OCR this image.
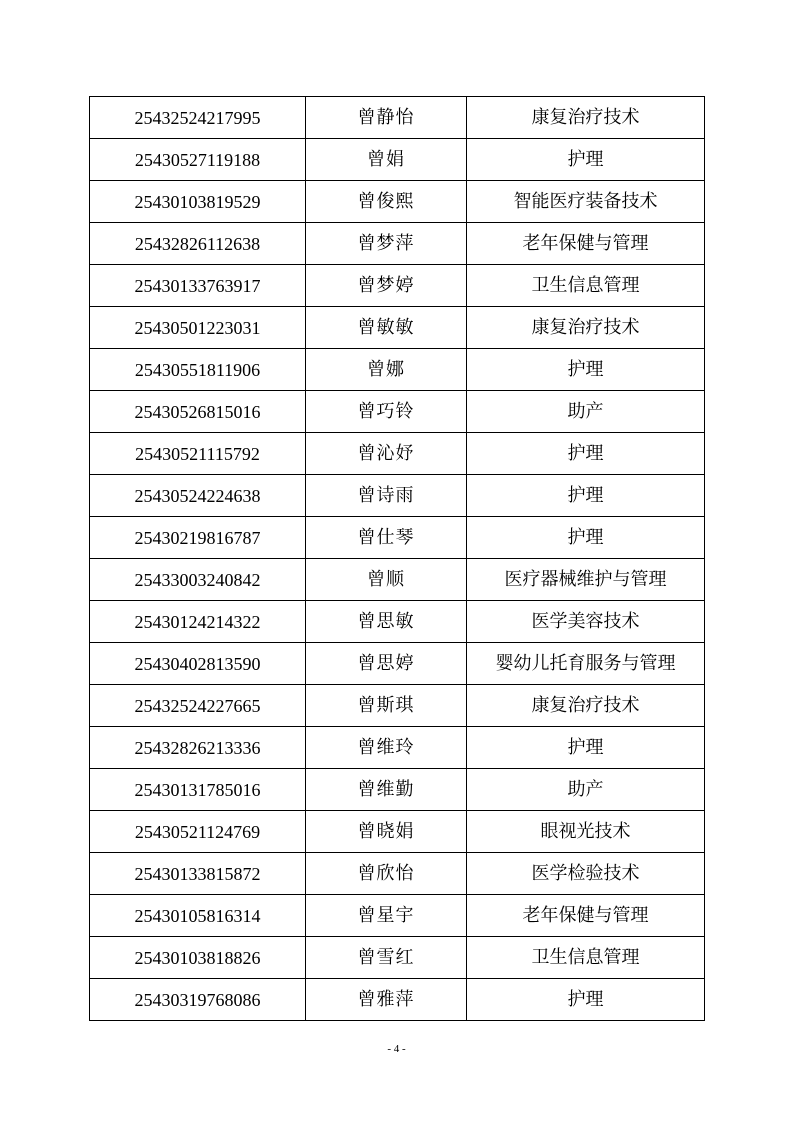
25432524217995	曾静怡	康复治疗技术
25430527119188	曾娟	护理
25430103819529	曾俊熙	智能医疗装备技术
25432826112638	曾梦萍	老年保健与管理
25430133763917	曾梦婷	卫生信息管理
25430501223031	曾敏敏	康复治疗技术
25430551811906	曾娜	护理
25430526815016	曾巧铃	助产
25430521115792	曾沁妤	护理
25430524224638	曾诗雨	护理
25430219816787	曾仕琴	护理
25433003240842	曾顺	医疗器械维护与管理
25430124214322	曾思敏	医学美容技术
25430402813590	曾思婷	婴幼儿托育服务与管理
25432524227665	曾斯琪	康复治疗技术
25432826213336	曾维玲	护理
25430131785016	曾维勤	助产
25430521124769	曾晓娟	眼视光技术
25430133815872	曾欣怡	医学检验技术
25430105816314	曾星宇	老年保健与管理
25430103818826	曾雪红	卫生信息管理
25430319768086	曾雅萍	护理
- 4 -
